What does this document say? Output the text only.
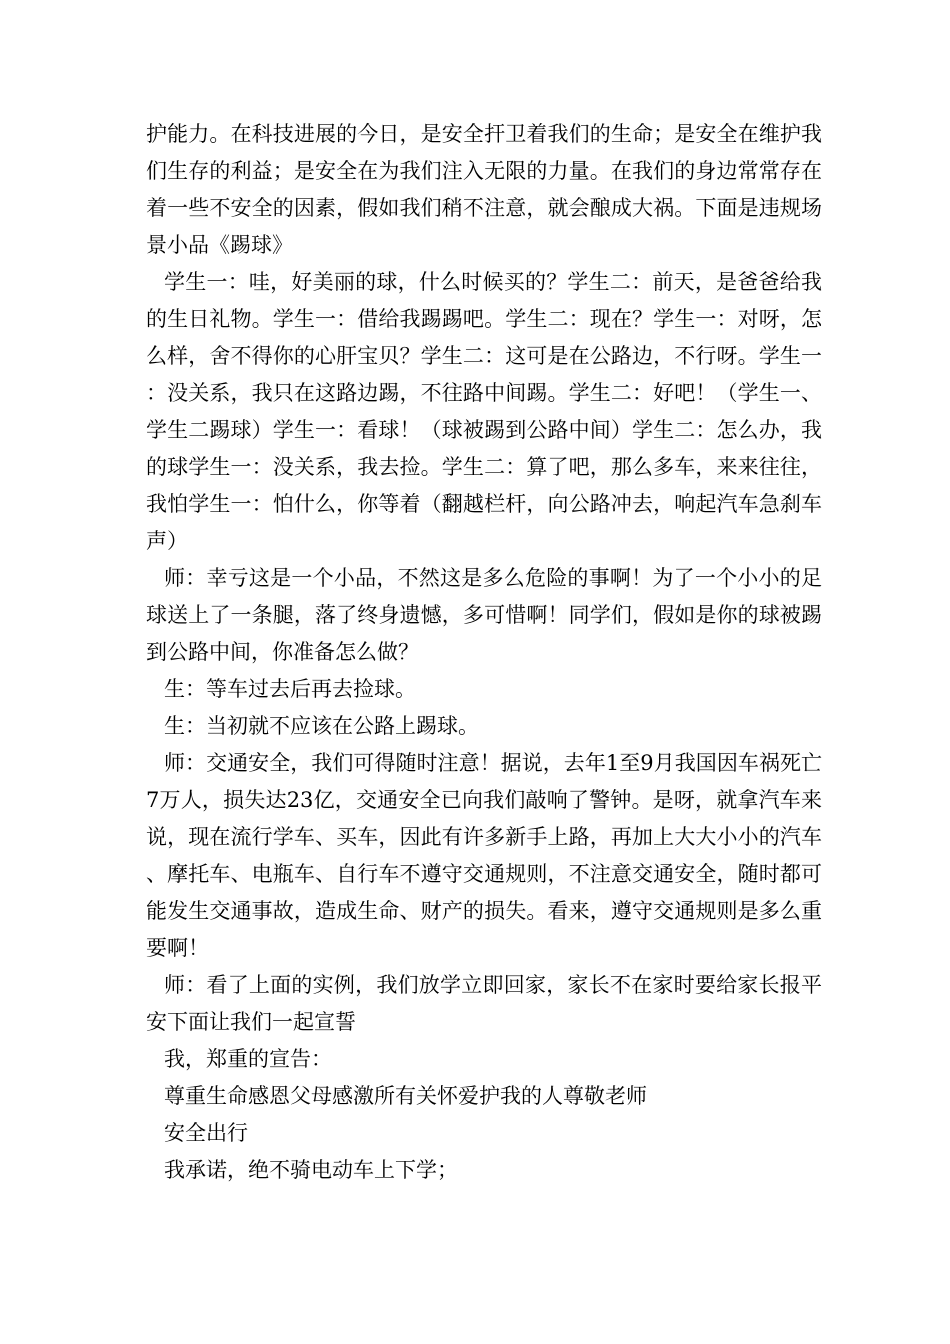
护能力。在科技进展的今日，是安全扞卫着我们的生命；是安全在维护我们生存的利益；是安全在为我们注入无限的力量。在我们的身边常常存在着一些不安全的因素，假如我们稍不注意，就会酿成大祸。下面是违规场景小品《踢球》

学生一：哇，好美丽的球，什么时候买的？学生二：前天，是爸爸给我的生日礼物。学生一：借给我踢踢吧。学生二：现在？学生一：对呀，怎么样，舍不得你的心肝宝贝？学生二：这可是在公路边，不行呀。学生一：没关系，我只在这路边踢，不往路中间踢。学生二：好吧！（学生一、学生二踢球）学生一：看球！（球被踢到公路中间）学生二：怎么办，我的球学生一：没关系，我去捡。学生二：算了吧，那么多车，来来往往，我怕学生一：怕什么，你等着（翻越栏杆，向公路冲去，响起汽车急刹车声）

师：幸亏这是一个小品，不然这是多么危险的事啊！为了一个小小的足球送上了一条腿，落了终身遗憾，多可惜啊！同学们，假如是你的球被踢到公路中间，你准备怎么做？

生：等车过去后再去捡球。

生：当初就不应该在公路上踢球。

师：交通安全，我们可得随时注意！据说，去年1至9月我国因车祸死亡7万人，损失达23亿，交通安全已向我们敲响了警钟。是呀，就拿汽车来说，现在流行学车、买车，因此有许多新手上路，再加上大大小小的汽车、摩托车、电瓶车、自行车不遵守交通规则，不注意交通安全，随时都可能发生交通事故，造成生命、财产的损失。看来，遵守交通规则是多么重要啊！

师：看了上面的实例，我们放学立即回家，家长不在家时要给家长报平安下面让我们一起宣誓

我，郑重的宣告：

尊重生命感恩父母感激所有关怀爱护我的人尊敬老师

安全出行

我承诺，绝不骑电动车上下学；
